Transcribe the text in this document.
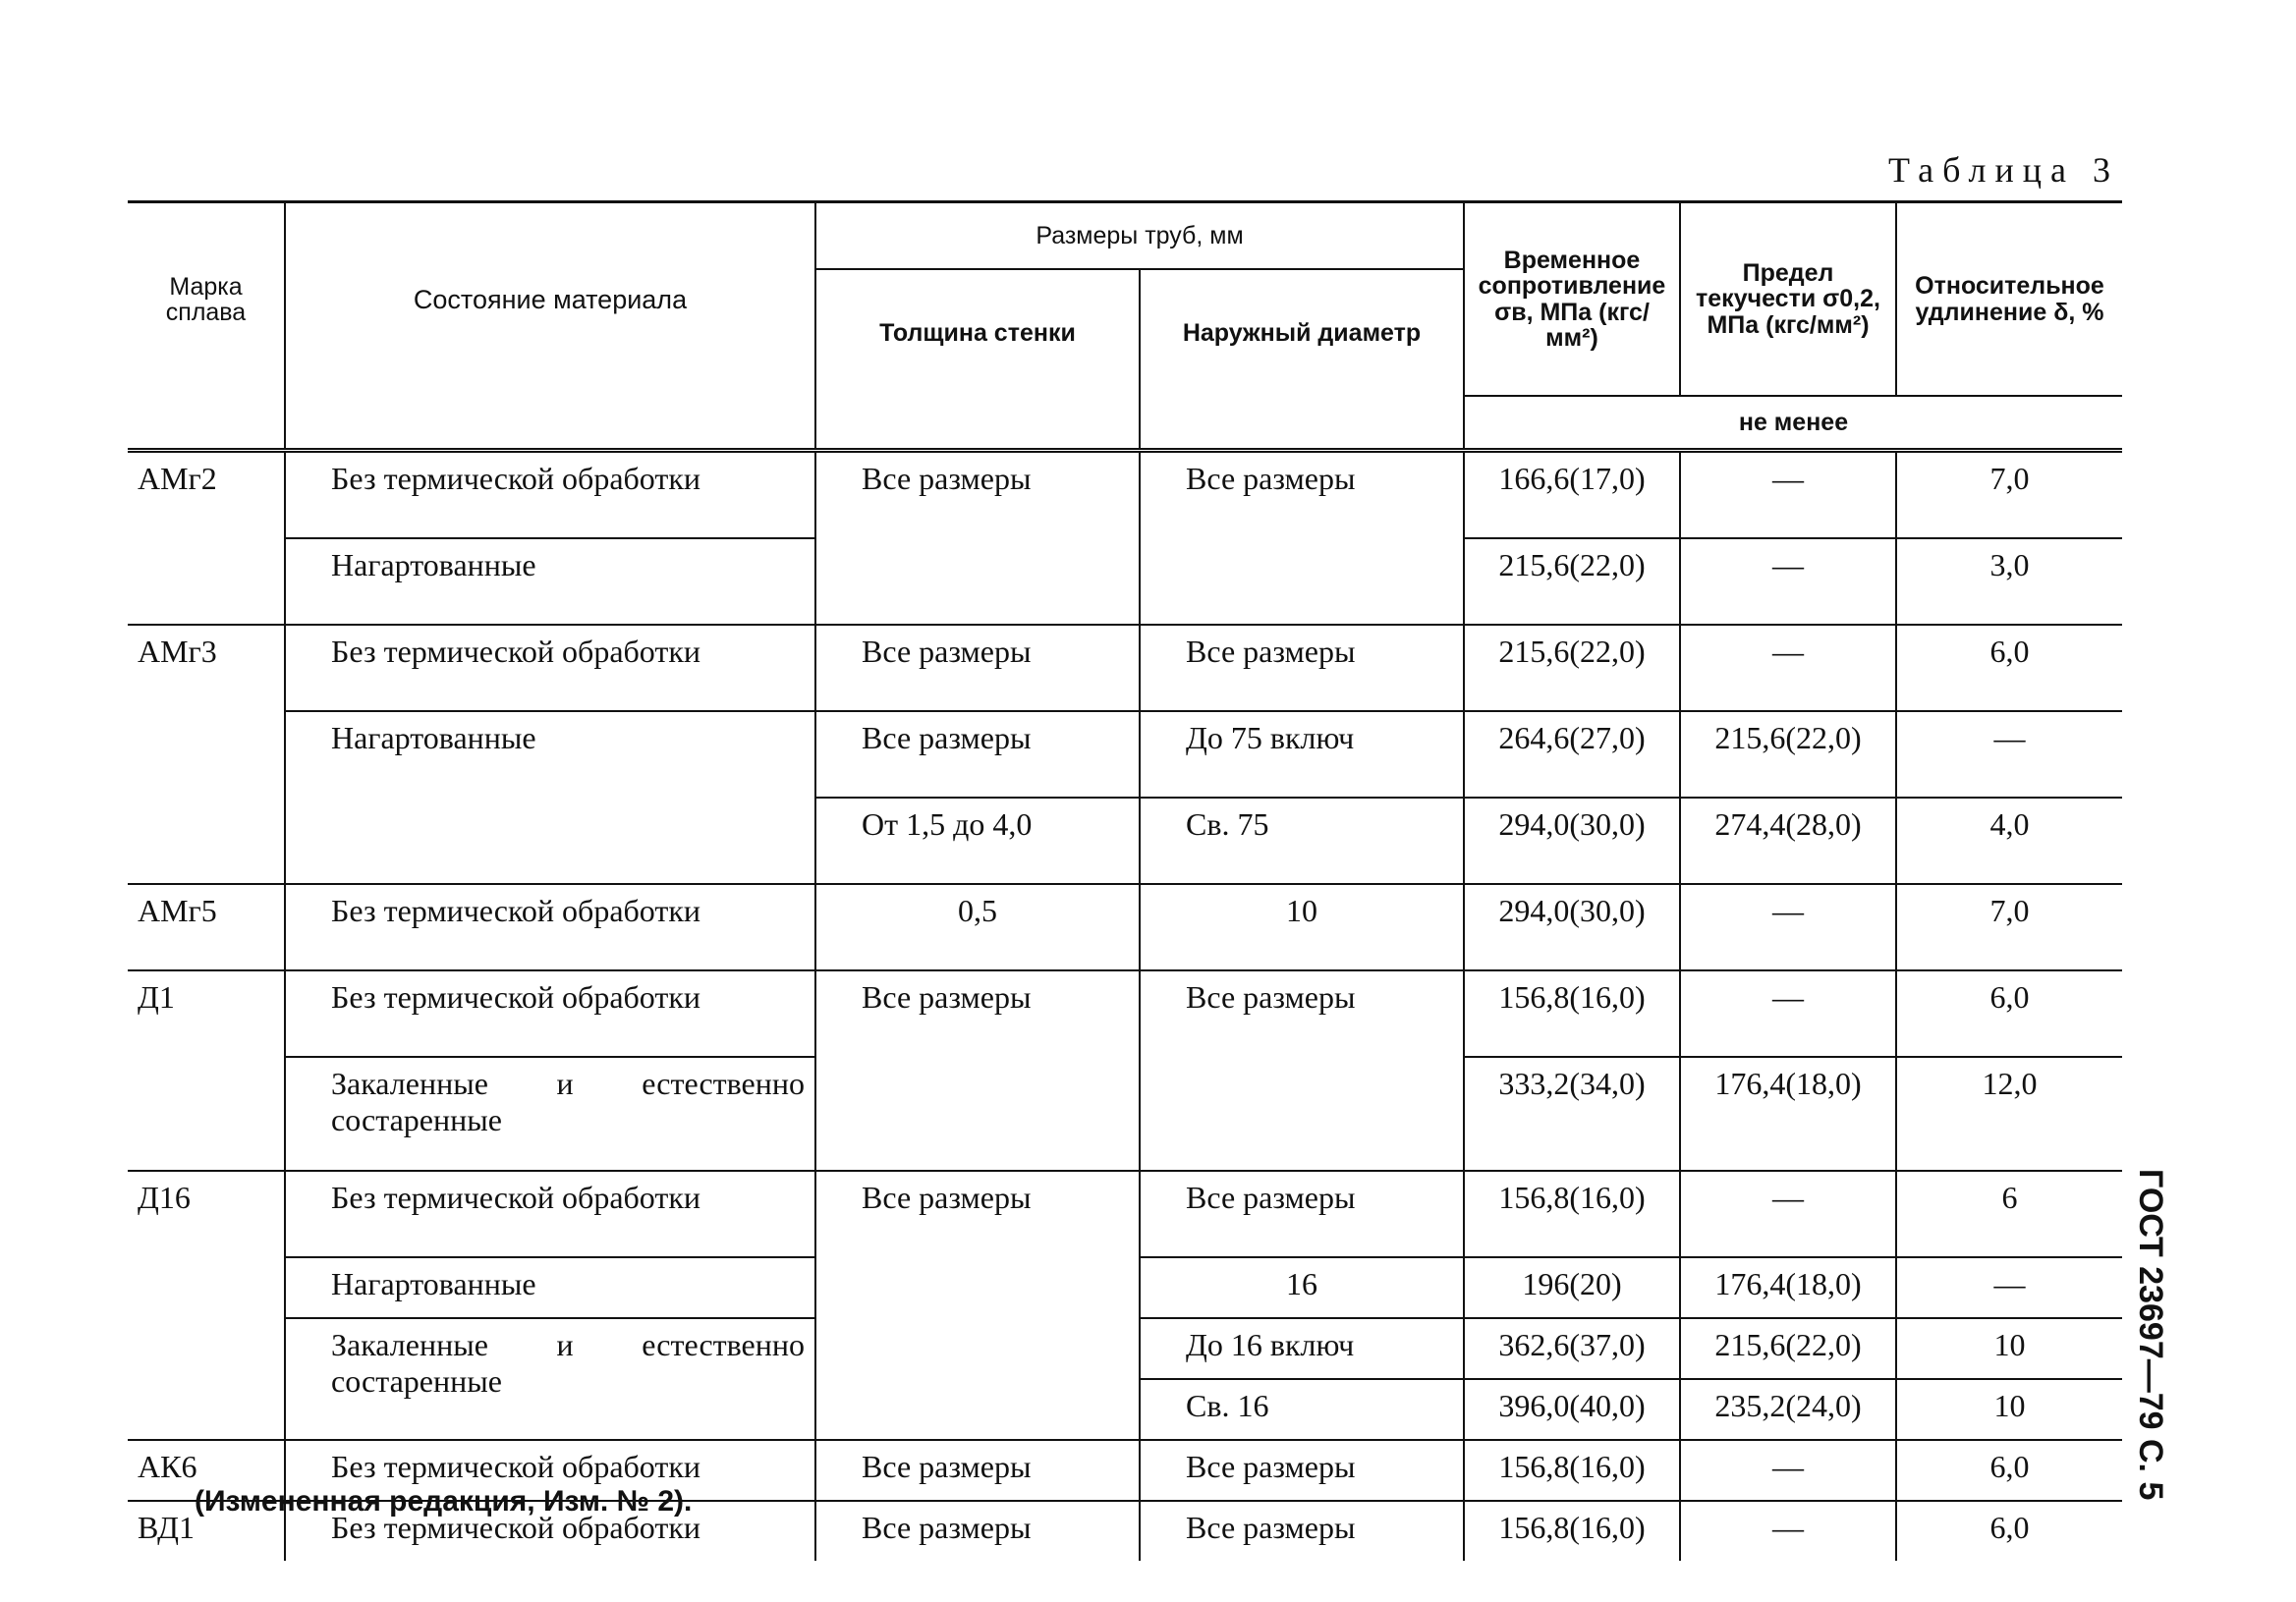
Таблица 3
Марка сплава	Состояние материала	Размеры труб, мм		Временное сопротивление σв, МПа (кгс/мм²)	Предел текучести σ0,2, МПа (кгс/мм²)	Относительное удлинение δ, %
		Толщина стенки	Наружный диаметр			
				не менее		
АМг2	Без термической обработки	Все размеры	Все размеры	166,6(17,0)	—	7,0
	Нагартованные			215,6(22,0)	—	3,0
АМг3	Без термической обработки	Все размеры	Все размеры	215,6(22,0)	—	6,0
	Нагартованные	Все размеры	До 75 включ	264,6(27,0)	215,6(22,0)	—
		От 1,5 до 4,0	Св. 75	294,0(30,0)	274,4(28,0)	4,0
АМг5	Без термической обработки	0,5	10	294,0(30,0)	—	7,0
Д1	Без термической обработки	Все размеры	Все размеры	156,8(16,0)	—	6,0
	Закаленные и естественно состаренные			333,2(34,0)	176,4(18,0)	12,0
Д16	Без термической обработки	Все размеры	Все размеры	156,8(16,0)	—	6
	Нагартованные		16	196(20)	176,4(18,0)	—
	Закаленные и естественно состаренные		До 16 включ	362,6(37,0)	215,6(22,0)	10
			Св. 16	396,0(40,0)	235,2(24,0)	10
АК6	Без термической обработки	Все размеры	Все размеры	156,8(16,0)	—	6,0
ВД1	Без термической обработки	Все размеры	Все размеры	156,8(16,0)	—	6,0
(Измененная редакция, Изм. № 2).
ГОСТ 23697—79 С. 5
